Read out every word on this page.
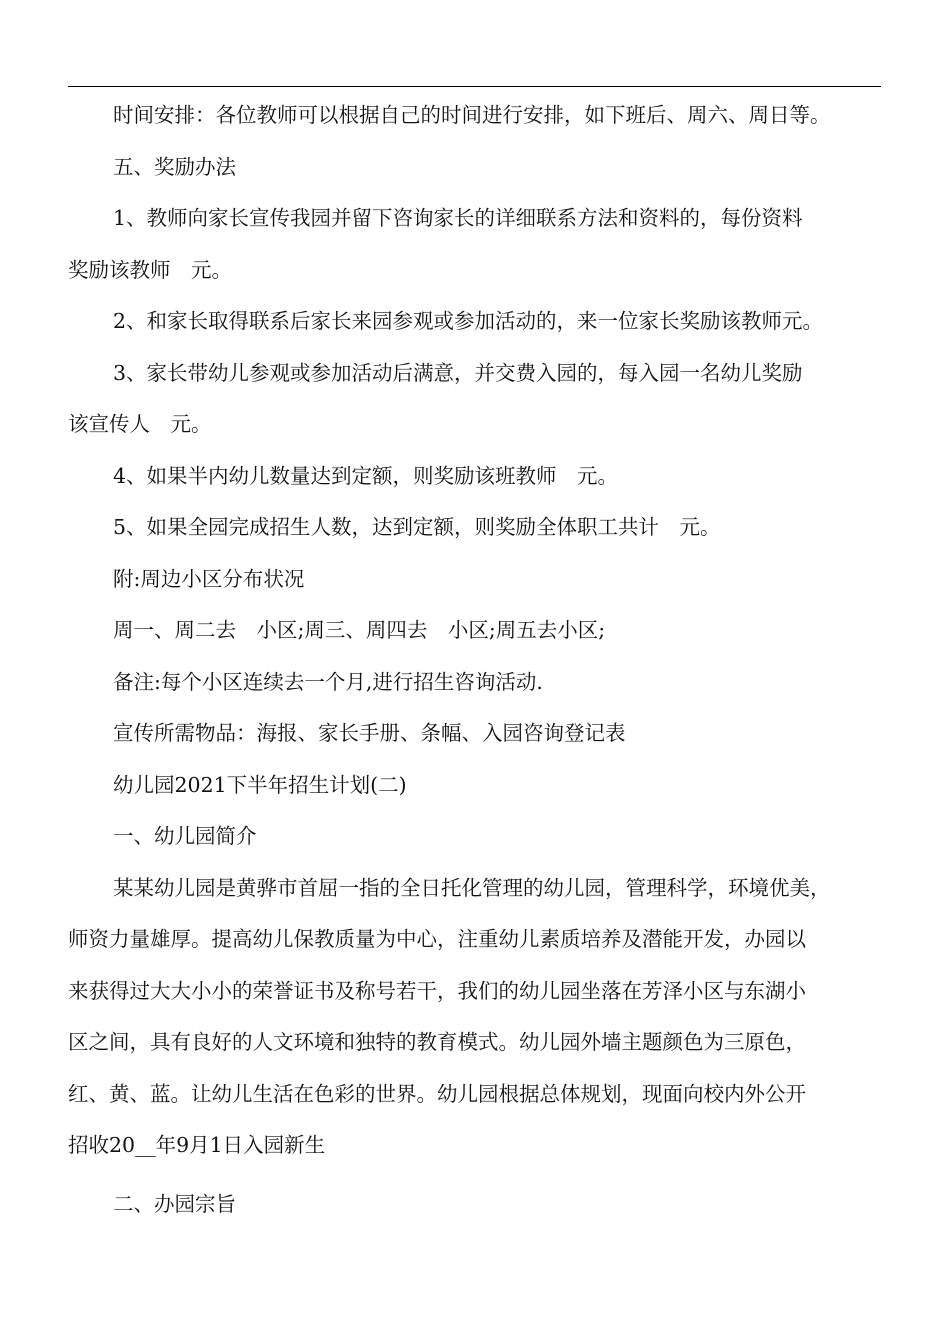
时间安排：各位教师可以根据自己的时间进行安排，如下班后、周六、周日等。

五、奖励办法

1、教师向家长宣传我园并留下咨询家长的详细联系方法和资料的，每份资料

奖励该教师　元。

2、和家长取得联系后家长来园参观或参加活动的，来一位家长奖励该教师元。

3、家长带幼儿参观或参加活动后满意，并交费入园的，每入园一名幼儿奖励

该宣传人　元。

4、如果半内幼儿数量达到定额，则奖励该班教师　元。

5、如果全园完成招生人数，达到定额，则奖励全体职工共计　元。

附:周边小区分布状况

周一、周二去　小区;周三、周四去　小区;周五去小区;

备注:每个小区连续去一个月,进行招生咨询活动.

宣传所需物品：海报、家长手册、条幅、入园咨询登记表

幼儿园2021下半年招生计划(二)

一、幼儿园简介

某某幼儿园是黄骅市首屈一指的全日托化管理的幼儿园，管理科学，环境优美，

师资力量雄厚。提高幼儿保教质量为中心，注重幼儿素质培养及潜能开发，办园以

来获得过大大小小的荣誉证书及称号若干，我们的幼儿园坐落在芳泽小区与东湖小

区之间，具有良好的人文环境和独特的教育模式。幼儿园外墙主题颜色为三原色，

红、黄、蓝。让幼儿生活在色彩的世界。幼儿园根据总体规划，现面向校内外公开

招收20__年9月1日入园新生

二、办园宗旨
